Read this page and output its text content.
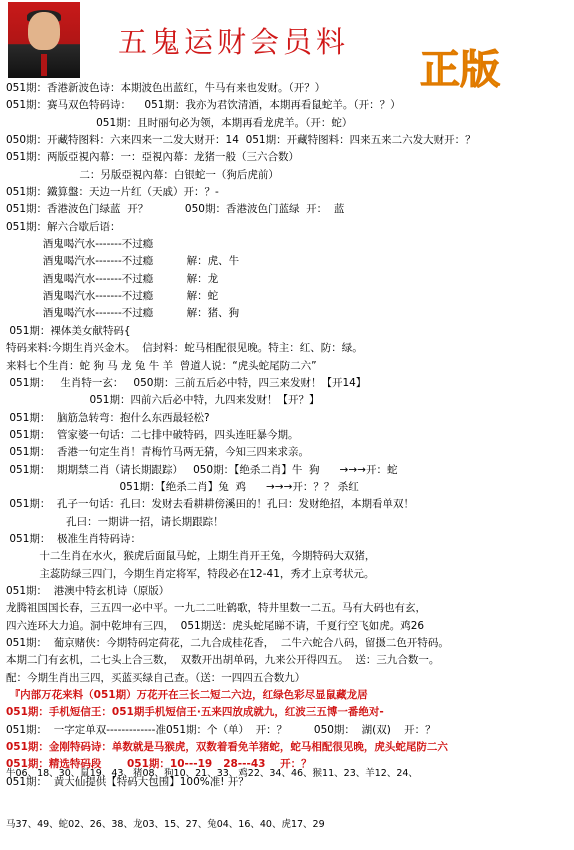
五鬼运财会员料
正版
051期：香港新波色诗：本期波色出蓝红，牛马有来也发财。（开？）
051期：赛马双色特码诗：    051期：我亦为君饮清酒，本期再看鼠蛇羊。（开：？）
051期：且时丽句必为领，本期再看龙虎羊。（开：蛇）
050期：开藏特图料：六来四来一二发大财开：14  051期：开藏特图料：四来五来二六发大财开：？
051期：两版亞視內幕：一：亞視內幕：龙猪一般（三六合数）
二：另版亞視內幕：白银蛇一（狗后虎前）
051期：鐵算盤：天边一片红（天戚）开：？-
051期：香港波色门绿蓝  开？           050期：香港波色门蓝绿  开：  蓝
051期：解六合歇后语：
酒鬼喝汽水-------不过瘾
酒鬼喝汽水-------不过瘾          解：虎、牛
酒鬼喝汽水-------不过瘾          解：龙
酒鬼喝汽水-------不过瘾          解：蛇
酒鬼喝汽水-------不过瘾          解：猪、狗
051期：裸体美女献特码{
特码来料:今期生肖兴金木。  信封料：蛇马相配很见晚。特主：红、防：绿。
来料七个生肖：蛇 狗 马 龙 兔 牛 羊  曾道人说：“虎头蛇尾防二六”
051期：   生肖特一玄：   050期：三前五后必中特，四三来发财！【开14】
051期：四前六后必中特，九四来发财！【开？】
051期：  脑筋急转弯：抱什么东西最轻松?
051期：  管家婆一句话：二七排中破特码，四头连旺暴今期。
051期：  香港一句定生肖！青梅竹马两无猜，今知三四来求亲。
051期：  期期禁二肖（请长期跟踪）   050期：【绝杀二肖】牛  狗      →→→开：蛇
051期：【绝杀二肖】兔  鸡      →→→开：？？ 杀红
051期：  孔子一句话：孔曰：发财去看耕耕傍溪田的！孔曰：发财绝招，本期看单双！
孔曰：一期讲一招，请长期跟踪！
051期：  极准生肖特码诗：
十二生肖在水火，猴虎后面鼠马蛇，上期生肖开王兔，今期特码大双猪，
主蕊防绿三四门，今期生肖定将军，特段必在12-41，秀才上京考状元。
051期：  港澳中特玄机诗（原版）
龙腾祖国国长春，三五四一必中平。一九二二吐鹤歌，特井里数一二五。马有大码也有玄，
四六连环大力追。洞中乾坤有三四，  051期送：虎头蛇尾睇不请，千夏行空飞如虎。鸡26
051期：  葡京赌侠：今期特码定荷花，二九合成桂花香，  二牛六蛇合八码，留摄二色开特码。
本期二门有玄机，二七头上合三数，  双数开出胡单码，九来公开得四五。  送：三九合数一。
配：今期生肖出三四，买蓝买绿自己查。（送：一四四五合数九）
『内部万花来料（051期）万花开在三长二短二六边，红绿色彩尽显鼠藏龙居
051期：手机短信王：051期手机短信王·五来四放成就九，红波三五博一番绝对-
051期：  一字定单双-------------准051期：个（单）  开：？        050期：  湖(双)    开：？
051期：金刚特码诗：单数就是马猴虎，双数着看免羊猪蛇，蛇马相配很见晚，虎头蛇尾防二六
051期：精选特码段       051期：10---19   28---43    开：？
051期：  黄大仙提供【特码大包围】100%准! 开？

牛06、18、30、鼠19、43、猪08、狗10、21、33、鸡22、34、46、猴11、23、羊12、24、

马37、49、蛇02、26、38、龙03、15、27、兔04、16、40、虎17、29
